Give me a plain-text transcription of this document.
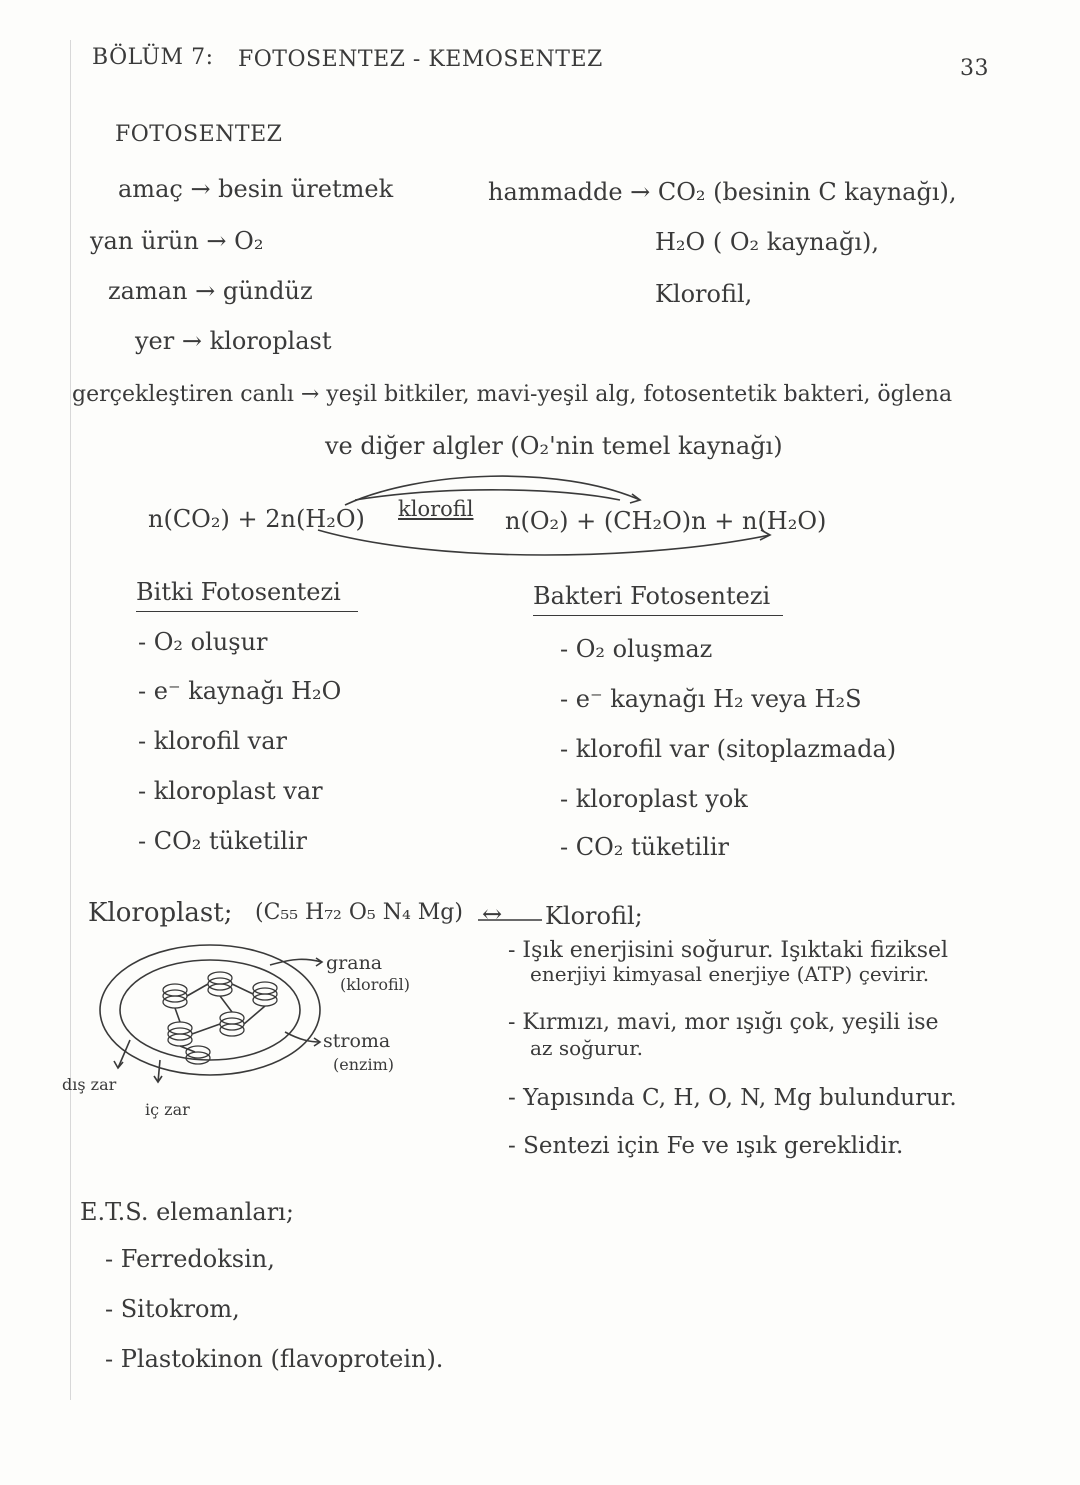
BÖLÜM 7: FOTOSENTEZ - KEMOSENTEZ	33
FOTOSENTEZ
amaç → besin üretmek
yan ürün → O₂
zaman → gündüz
yer → kloroplast
hammadde → CO₂ (besinin C kaynağı),
H₂O ( O₂ kaynağı),
Klorofil,
gerçekleştiren canlı → yeşil bitkiler, mavi-yeşil alg, fotosentetik bakteri, öglena
ve diğer algler (O₂'nin temel kaynağı)
n(CO₂) + 2n(H₂O) klorofil n(O₂) + (CH₂O)n + n(H₂O)
Bitki Fotosentezi	Bakteri Fotosentezi
- O₂ oluşur
- e⁻ kaynağı H₂O
- klorofil var
- kloroplast var
- CO₂ tüketilir
- O₂ oluşmaz
- e⁻ kaynağı H₂ veya H₂S
- klorofil var (sitoplazmada)
- kloroplast yok
- CO₂ tüketilir
Kloroplast; (C₅₅ H₇₂ O₅ N₄ Mg) ↔ Klorofil;
- Işık enerjisini soğurur. Işıktaki fiziksel
enerjiyi kimyasal enerjiye (ATP) çevirir.
- Kırmızı, mavi, mor ışığı çok, yeşili ise
az soğurur.
- Yapısında C, H, O, N, Mg bulundurur.
- Sentezi için Fe ve ışık gereklidir.
grana
(klorofil)
stroma
(enzim)
dış zar
iç zar
E.T.S. elemanları;
- Ferredoksin,
- Sitokrom,
- Plastokinon (flavoprotein).
